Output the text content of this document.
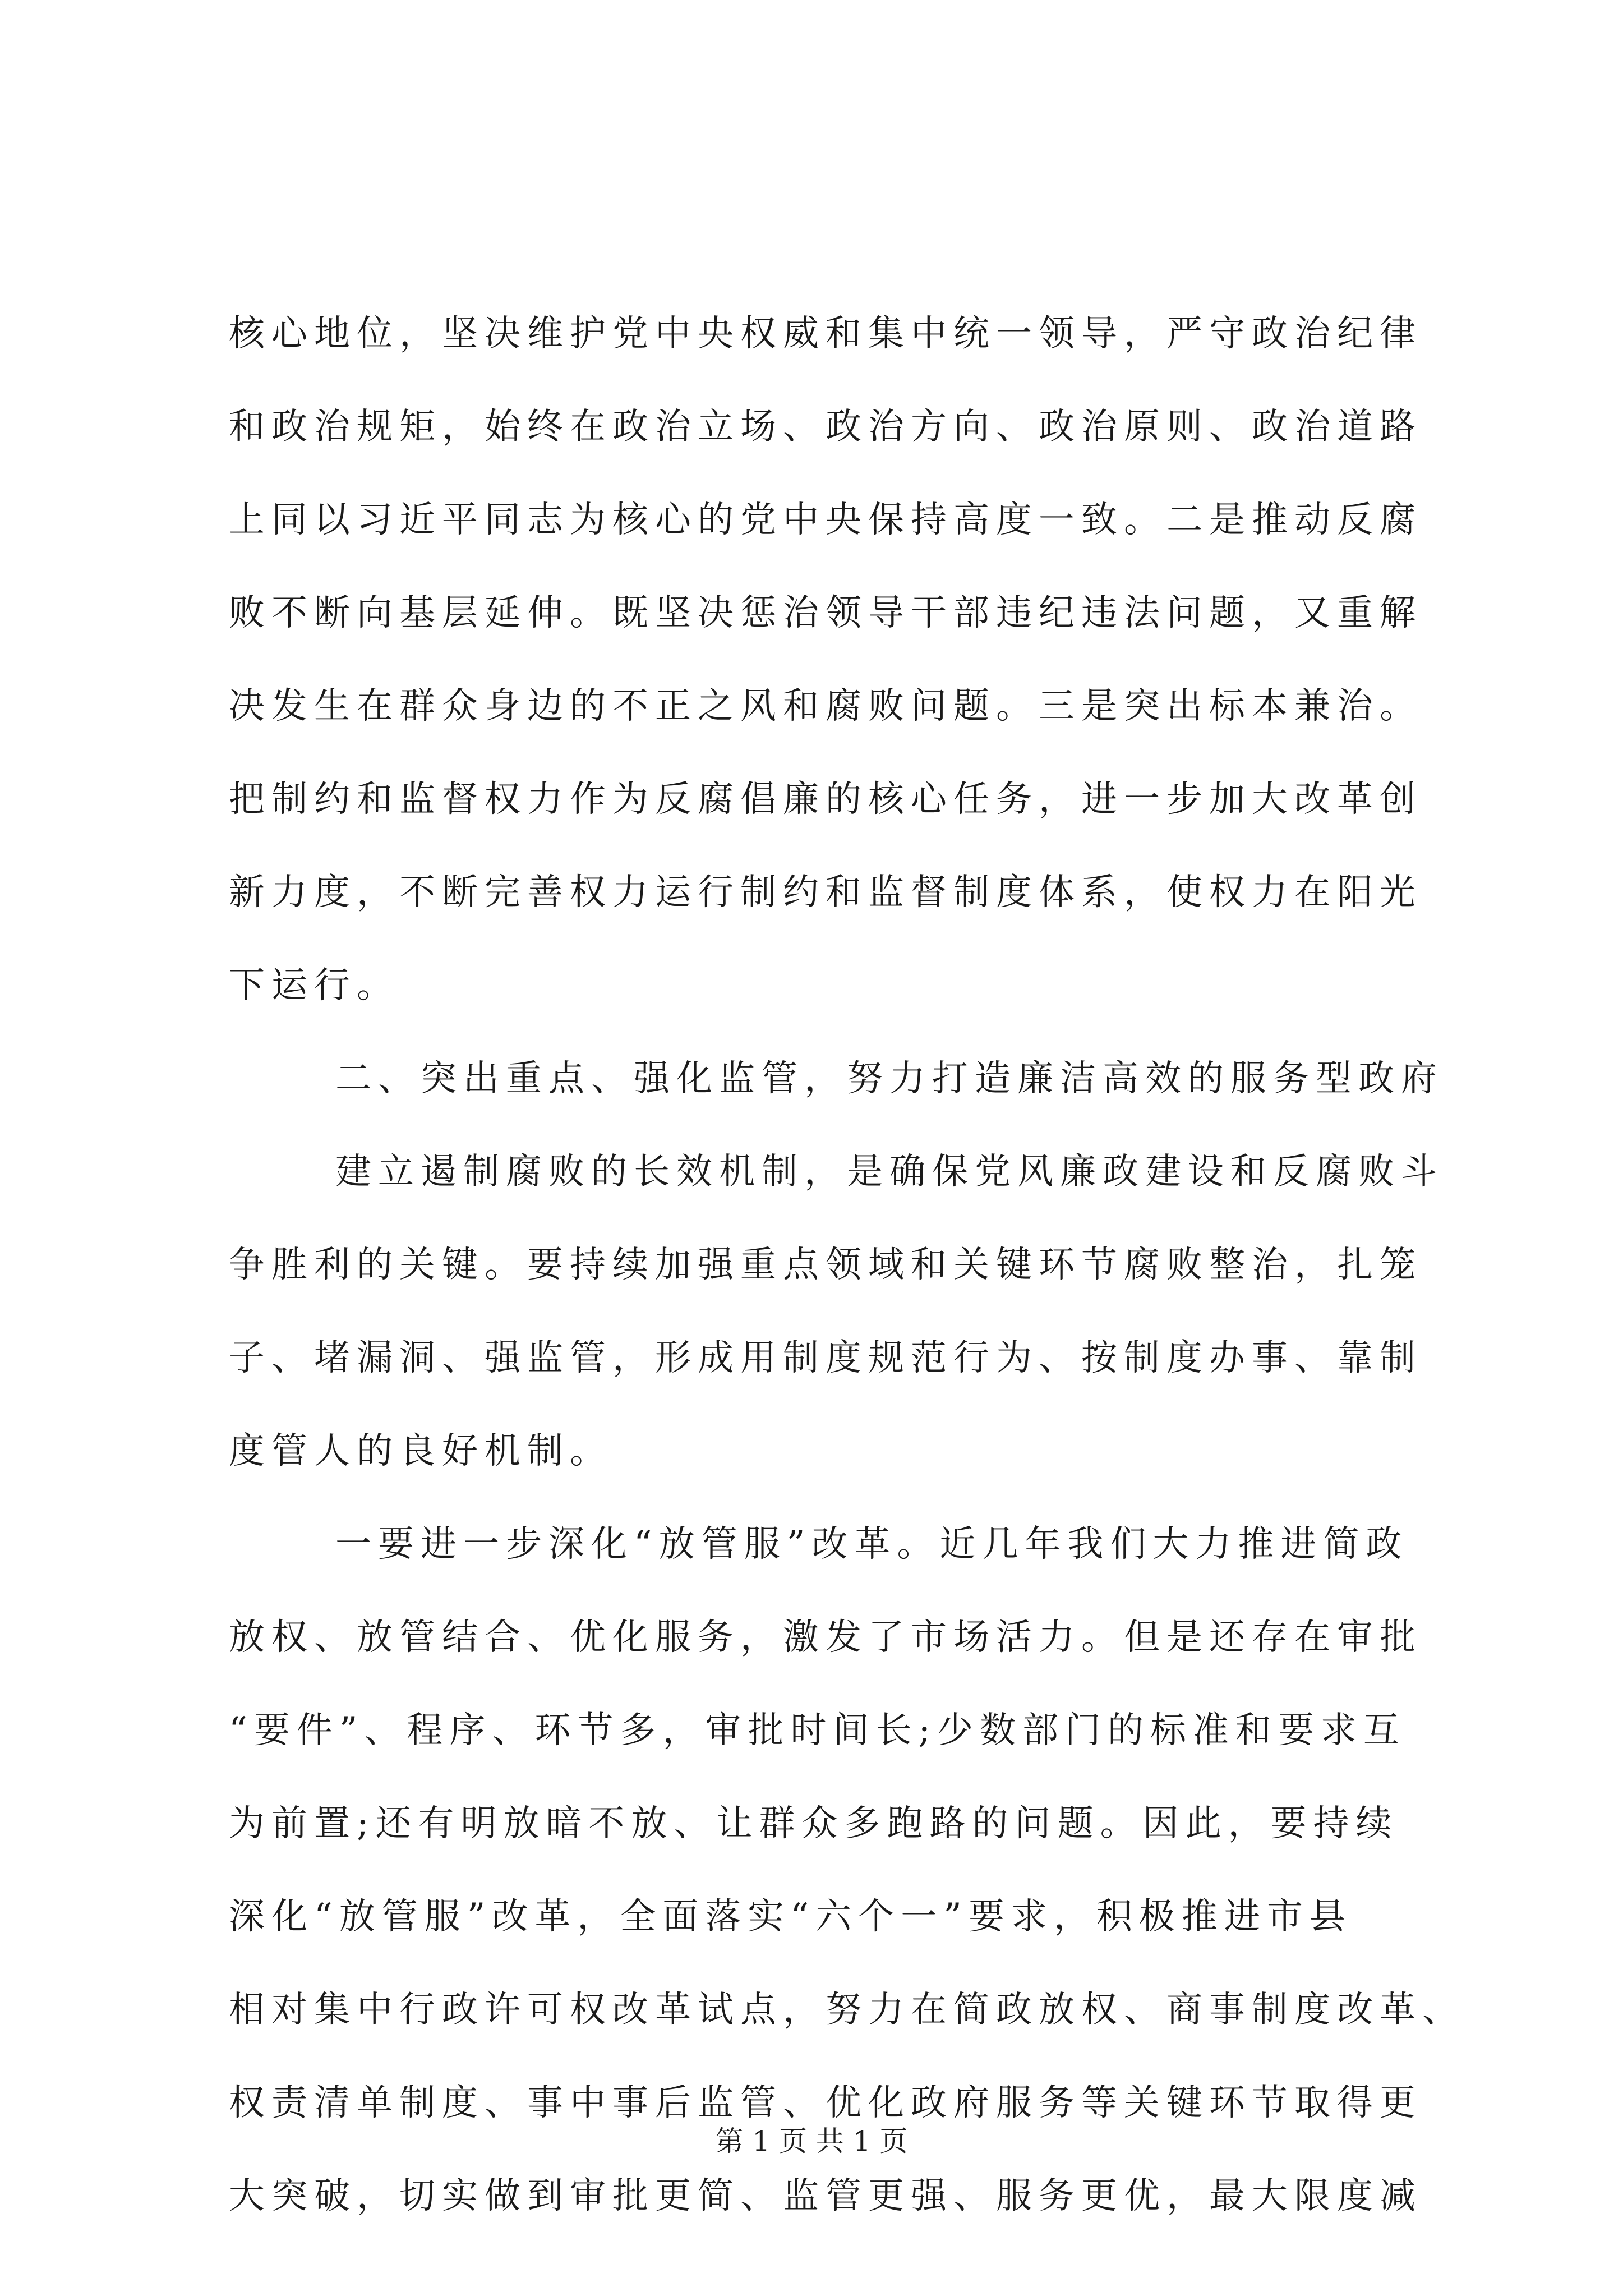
核心地位，坚决维护党中央权威和集中统一领导，严守政治纪律
和政治规矩，始终在政治立场、政治方向、政治原则、政治道路
上同以习近平同志为核心的党中央保持高度一致。二是推动反腐
败不断向基层延伸。既坚决惩治领导干部违纪违法问题，又重解
决发生在群众身边的不正之风和腐败问题。三是突出标本兼治。
把制约和监督权力作为反腐倡廉的核心任务，进一步加大改革创
新力度，不断完善权力运行制约和监督制度体系，使权力在阳光
下运行。
二、突出重点、强化监管，努力打造廉洁高效的服务型政府
建立遏制腐败的长效机制，是确保党风廉政建设和反腐败斗
争胜利的关键。要持续加强重点领域和关键环节腐败整治，扎笼
子、堵漏洞、强监管，形成用制度规范行为、按制度办事、靠制
度管人的良好机制。
一要进一步深化“放管服”改革。近几年我们大力推进简政
放权、放管结合、优化服务，激发了市场活力。但是还存在审批
“要件”、程序、环节多，审批时间长;少数部门的标准和要求互
为前置;还有明放暗不放、让群众多跑路的问题。因此，要持续
深化“放管服”改革，全面落实“六个一”要求，积极推进市县
相对集中行政许可权改革试点，努力在简政放权、商事制度改革、
权责清单制度、事中事后监管、优化政府服务等关键环节取得更
大突破，切实做到审批更简、监管更强、服务更优，最大限度减
第 1 页 共 1 页
